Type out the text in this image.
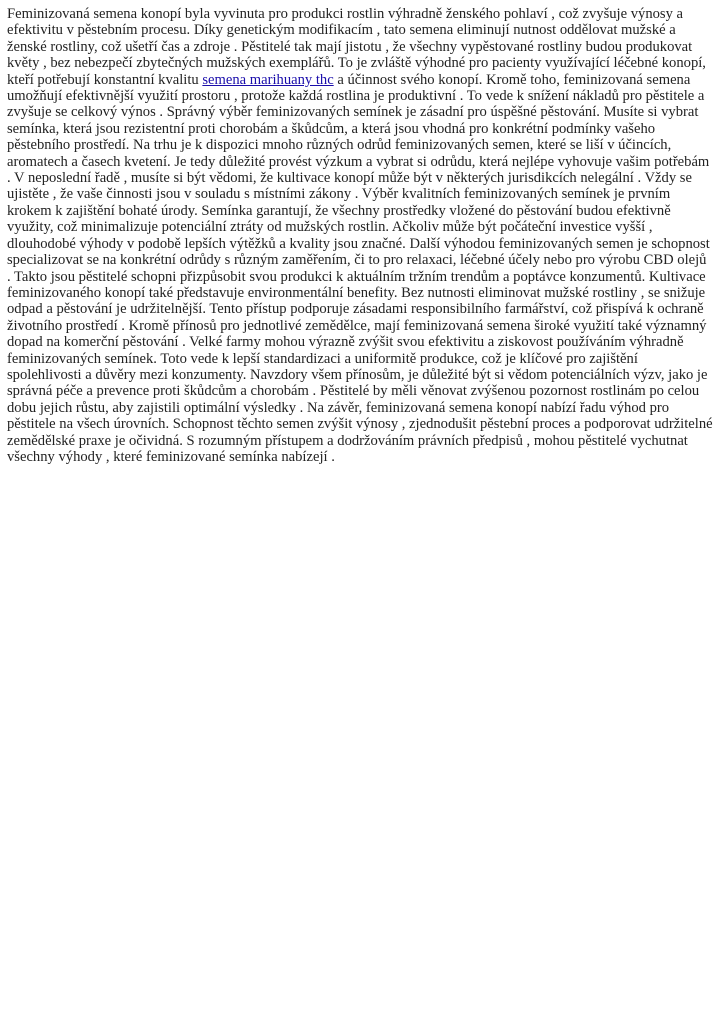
Feminizovaná semena konopí byla vyvinuta pro produkci rostlin výhradně ženského pohlaví , což zvyšuje výnosy a efektivitu v pěstebním procesu. Díky genetickým modifikacím , tato semena eliminují nutnost oddělovat mužské a ženské rostliny, což ušetří čas a zdroje . Pěstitelé tak mají jistotu , že všechny vypěstované rostliny budou produkovat květy , bez nebezpečí zbytečných mužských exemplářů. To je zvláště výhodné pro pacienty využívající léčebné konopí, kteří potřebují konstantní kvalitu semena marihuany thc a účinnost svého konopí. Kromě toho, feminizovaná semena umožňují efektivnější využití prostoru , protože každá rostlina je produktivní . To vede k snížení nákladů pro pěstitele a zvyšuje se celkový výnos . Správný výběr feminizovaných semínek je zásadní pro úspěšné pěstování. Musíte si vybrat semínka, která jsou rezistentní proti chorobám a škůdcům, a která jsou vhodná pro konkrétní podmínky vašeho pěstebního prostředí. Na trhu je k dispozici mnoho různých odrůd feminizovaných semen, které se liší v účincích, aromatech a časech kvetení. Je tedy důležité provést výzkum a vybrat si odrůdu, která nejlépe vyhovuje vašim potřebám . V neposlední řadě , musíte si být vědomi, že kultivace konopí může být v některých jurisdikcích nelegální . Vždy se ujistěte , že vaše činnosti jsou v souladu s místními zákony . Výběr kvalitních feminizovaných semínek je prvním krokem k zajištění bohaté úrody. Semínka garantují, že všechny prostředky vložené do pěstování budou efektivně využity, což minimalizuje potenciální ztráty od mužských rostlin. Ačkoliv může být počáteční investice vyšší , dlouhodobé výhody v podobě lepších výtěžků a kvality jsou značné. Další výhodou feminizovaných semen je schopnost specializovat se na konkrétní odrůdy s různým zaměřením, či to pro relaxaci, léčebné účely nebo pro výrobu CBD olejů . Takto jsou pěstitelé schopni přizpůsobit svou produkci k aktuálním tržním trendům a poptávce konzumentů. Kultivace feminizovaného konopí také představuje environmentální benefity. Bez nutnosti eliminovat mužské rostliny , se snižuje odpad a pěstování je udržitelnější. Tento přístup podporuje zásadami responsibilního farmářství, což přispívá k ochraně životního prostředí . Kromě přínosů pro jednotlivé zemědělce, mají feminizovaná semena široké využití také významný dopad na komerční pěstování . Velké farmy mohou výrazně zvýšit svou efektivitu a ziskovost používáním výhradně feminizovaných semínek. Toto vede k lepší standardizaci a uniformitě produkce, což je klíčové pro zajištění spolehlivosti a důvěry mezi konzumenty. Navzdory všem přínosům, je důležité být si vědom potenciálních výzv, jako je správná péče a prevence proti škůdcům a chorobám . Pěstitelé by měli věnovat zvýšenou pozornost rostlinám po celou dobu jejich růstu, aby zajistili optimální výsledky . Na závěr, feminizovaná semena konopí nabízí řadu výhod pro pěstitele na všech úrovních. Schopnost těchto semen zvýšit výnosy , zjednodušit pěstební proces a podporovat udržitelné zemědělské praxe je očividná. S rozumným přístupem a dodržováním právních předpisů , mohou pěstitelé vychutnat všechny výhody , které feminizované semínka nabízejí .
